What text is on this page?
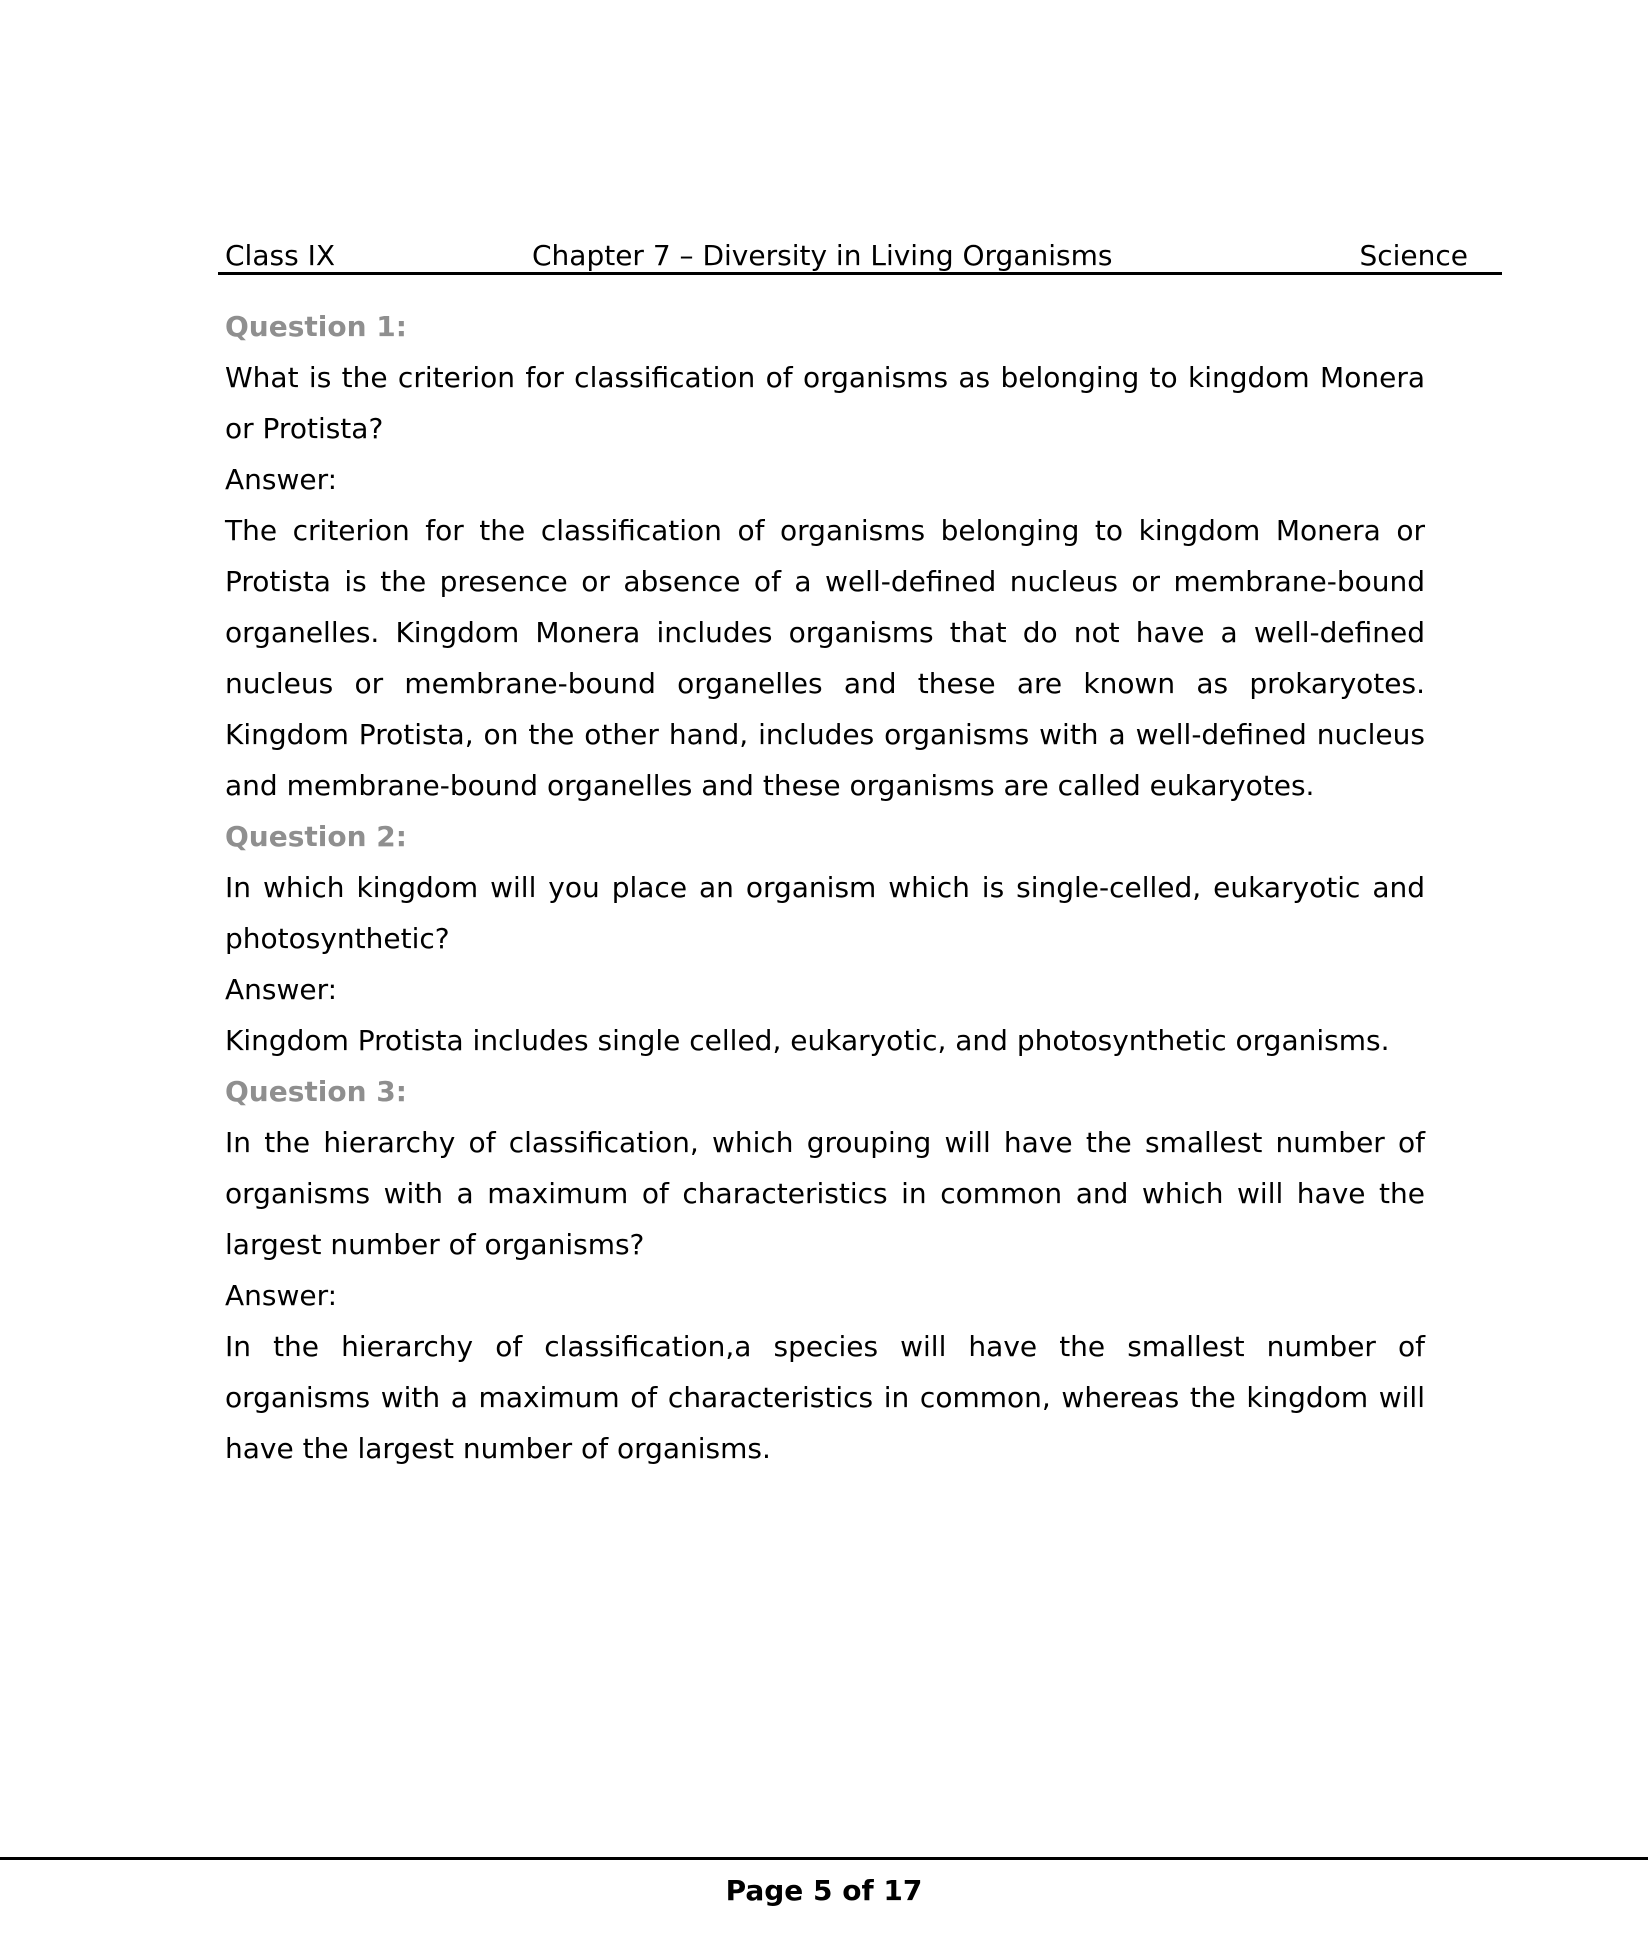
Class IX	Chapter 7 – Diversity in Living Organisms	Science

Question 1:

What is the criterion for classification of organisms as belonging to kingdom Monera or Protista?

Answer:

The criterion for the classification of organisms belonging to kingdom Monera or Protista is the presence or absence of a well-defined nucleus or membrane-bound organelles. Kingdom Monera includes organisms that do not have a well-defined nucleus or membrane-bound organelles and these are known as prokaryotes. Kingdom Protista, on the other hand, includes organisms with a well-defined nucleus and membrane-bound organelles and these organisms are called eukaryotes.

Question 2:

In which kingdom will you place an organism which is single-celled, eukaryotic and photosynthetic?

Answer:

Kingdom Protista includes single celled, eukaryotic, and photosynthetic organisms.

Question 3:

In the hierarchy of classification, which grouping will have the smallest number of organisms with a maximum of characteristics in common and which will have the largest number of organisms?

Answer:

In the hierarchy of classification,a species will have the smallest number of organisms with a maximum of characteristics in common, whereas the kingdom will have the largest number of organisms.

Page 5 of 17
